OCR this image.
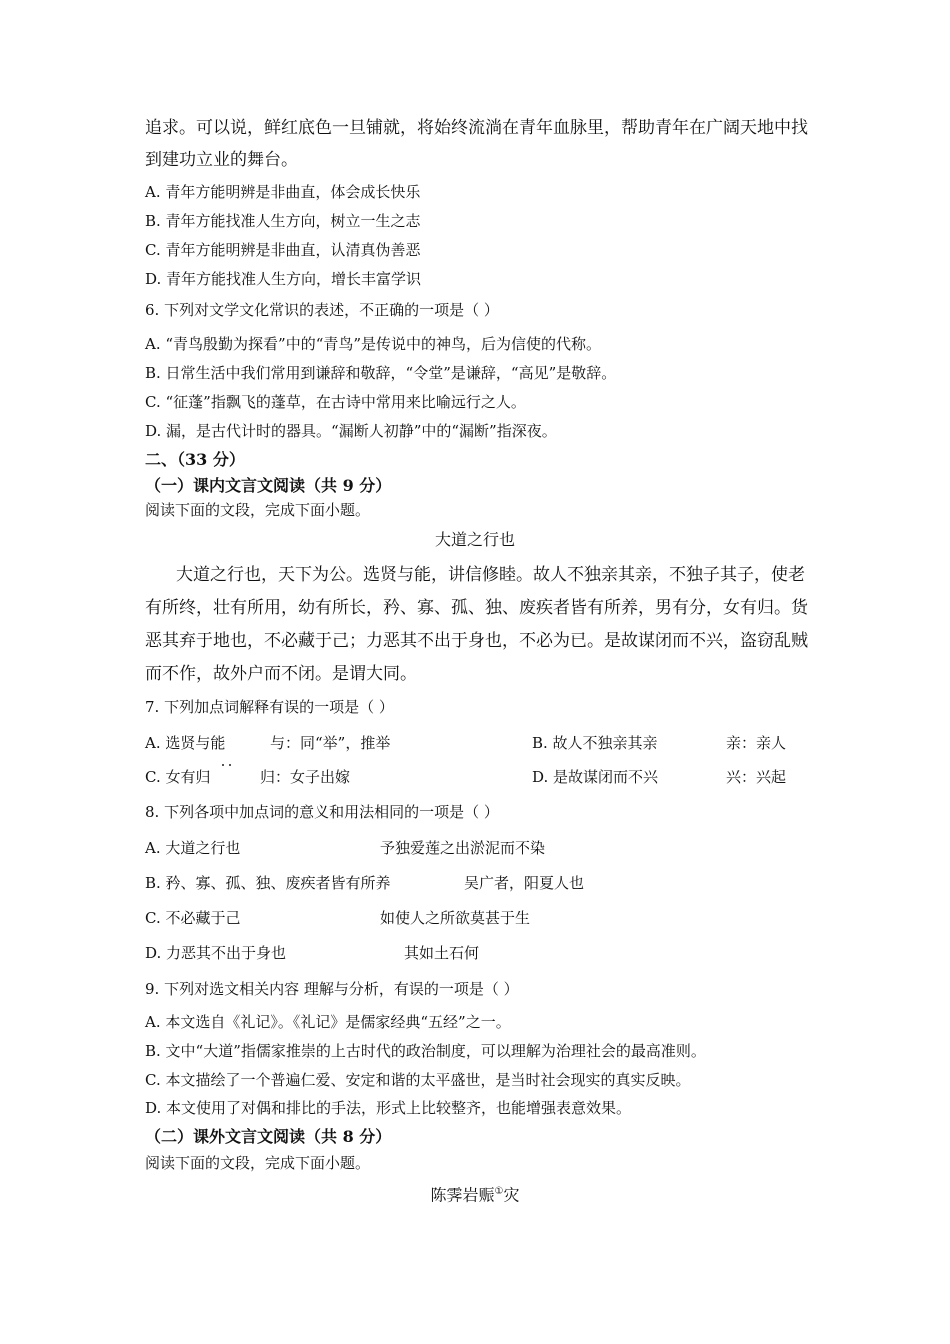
追求。可以说，鲜红底色一旦铺就，将始终流淌在青年血脉里，帮助青年在广阔天地中找
到建功立业的舞台。
A. 青年方能明辨是非曲直，体会成长快乐
B. 青年方能找准人生方向，树立一生之志
C. 青年方能明辨是非曲直，认清真伪善恶
D. 青年方能找准人生方向，增长丰富学识
6. 下列对文学文化常识的表述，不正确的一项是（ ）
A. “青鸟殷勤为探看”中的“青鸟”是传说中的神鸟，后为信使的代称。
B. 日常生活中我们常用到谦辞和敬辞，“令堂”是谦辞，“高见”是敬辞。
C. “征蓬”指飘飞的蓬草，在古诗中常用来比喻远行之人。
D. 漏，是古代计时的器具。“漏断人初静”中的“漏断”指深夜。
二、（33 分）
（一）课内文言文阅读（共 9 分）
阅读下面的文段，完成下面小题。
大道之行也
大道之行也，天下为公。选贤与能，讲信修睦。故人不独亲其亲，不独子其子，使老
有所终，壮有所用，幼有所长，矜、寡、孤、独、废疾者皆有所养，男有分，女有归。货
恶其弃于地也，不必藏于己；力恶其不出于身也，不必为已。是故谋闭而不兴，盗窃乱贼
而不作，故外户而不闭。是谓大同。
7. 下列加点词解释有误的一项是（ ）
A. 选贤与能	与：同“举”，推举	B. 故人不独亲其亲	亲：亲人
C. 女有归	归：女子出嫁	D. 是故谋闭而不兴	兴：兴起
8. 下列各项中加点词的意义和用法相同的一项是（ ）
A. 大道之行也	予独爱莲之出淤泥而不染
B. 矜、寡、孤、独、废疾者皆有所养	吴广者，阳夏人也
C. 不必藏于己	如使人之所欲莫甚于生
D. 力恶其不出于身也	其如土石何
9. 下列对选文相关内容 理解与分析，有误的一项是（ ）
A. 本文选自《礼记》。《礼记》是儒家经典“五经”之一。
B. 文中“大道”指儒家推崇的上古时代的政治制度，可以理解为治理社会的最高准则。
C. 本文描绘了一个普遍仁爱、安定和谐的太平盛世，是当时社会现实的真实反映。
D. 本文使用了对偶和排比的手法，形式上比较整齐，也能增强表意效果。
（二）课外文言文阅读（共 8 分）
阅读下面的文段，完成下面小题。
陈霁岩赈①灾
